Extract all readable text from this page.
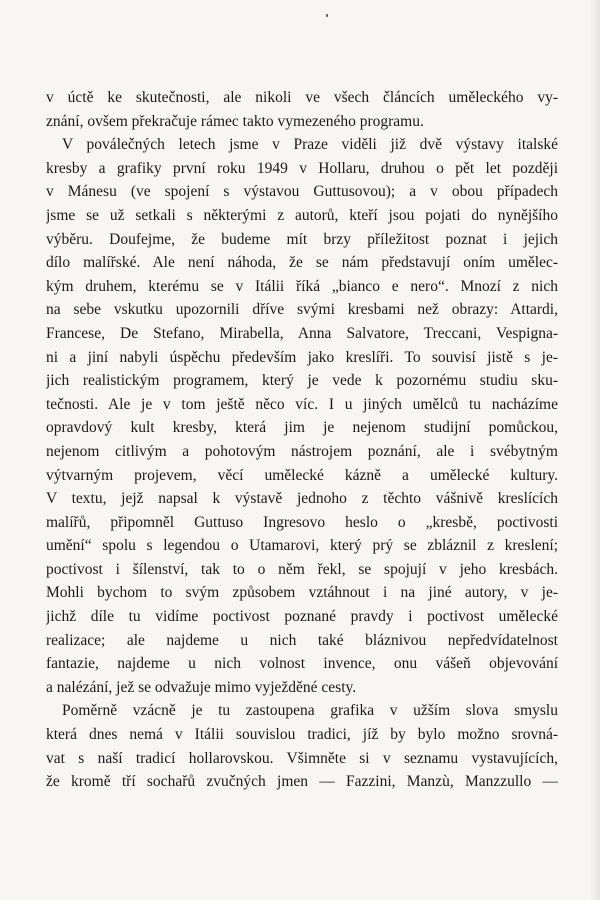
v úctě ke skutečnosti, ale nikoli ve všech článcích uměleckého vy-
znání, ovšem překračuje rámec takto vymezeného programu.
V poválečných letech jsme v Praze viděli již dvě výstavy italské
kresby a grafiky první roku 1949 v Hollaru, druhou o pět let později
v Mánesu (ve spojení s výstavou Guttusovou); a v obou případech
jsme se už setkali s některými z autorů, kteří jsou pojati do nynějšího
výběru. Doufejme, že budeme mít brzy příležitost poznat i jejich
dílo malířské. Ale není náhoda, že se nám představují oním umělec-
kým druhem, kterému se v Itálii říká „bianco e nero“. Mnozí z nich
na sebe vskutku upozornili dříve svými kresbami než obrazy: Attardi,
Francese, De Stefano, Mirabella, Anna Salvatore, Treccani, Vespigna-
ni a jiní nabyli úspěchu především jako kreslíři. To souvisí jistě s je-
jich realistickým programem, který je vede k pozornému studiu sku-
tečnosti. Ale je v tom ještě něco víc. I u jiných umělců tu nacházíme
opravdový kult kresby, která jim je nejenom studijní pomůckou,
nejenom citlivým a pohotovým nástrojem poznání, ale i svébytným
výtvarným projevem, věcí umělecké kázně a umělecké kultury.
V textu, jejž napsal k výstavě jednoho z těchto vášnivě kreslících
malířů, připomněl Guttuso Ingresovo heslo o „kresbě, poctivosti
umění“ spolu s legendou o Utamarovi, který prý se zbláznil z kreslení;
poctivost i šílenství, tak to o něm řekl, se spojují v jeho kresbách.
Mohli bychom to svým způsobem vztáhnout i na jiné autory, v je-
jichž díle tu vidíme poctivost poznané pravdy i poctivost umělecké
realizace; ale najdeme u nich také bláznivou nepředvídatelnost
fantazie, najdeme u nich volnost invence, onu vášeň objevování
a nalézání, jež se odvažuje mimo vyježděné cesty.
Poměrně vzácně je tu zastoupena grafika v užším slova smyslu
která dnes nemá v Itálii souvislou tradici, jíž by bylo možno srovná-
vat s naší tradicí hollarovskou. Všimněte si v seznamu vystavujících,
že kromě tří sochařů zvučných jmen — Fazzini, Manzù, Manzzullo —
